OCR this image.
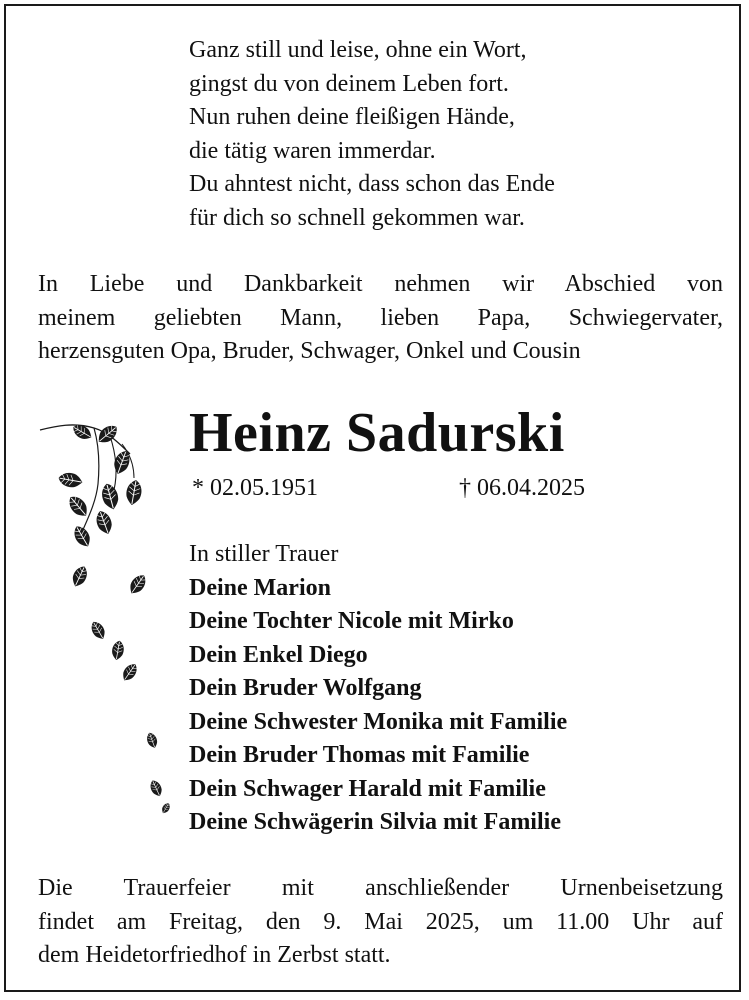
Ganz still und leise, ohne ein Wort,
gingst du von deinem Leben fort.
Nun ruhen deine fleißigen Hände,
die tätig waren immerdar.
Du ahntest nicht, dass schon das Ende
für dich so schnell gekommen war.
In Liebe und Dankbarkeit nehmen wir Abschied von
meinem geliebten Mann, lieben Papa, Schwiegervater,
herzensguten Opa, Bruder, Schwager, Onkel und Cousin
Heinz Sadurski
* 02.05.1951	† 06.04.2025
In stiller Trauer
Deine Marion
Deine Tochter Nicole mit Mirko
Dein Enkel Diego
Dein Bruder Wolfgang
Deine Schwester Monika mit Familie
Dein Bruder Thomas mit Familie
Dein Schwager Harald mit Familie
Deine Schwägerin Silvia mit Familie
Die Trauerfeier mit anschließender Urnenbeisetzung
findet am Freitag, den 9. Mai 2025, um 11.00 Uhr auf
dem Heidetorfriedhof in Zerbst statt.
